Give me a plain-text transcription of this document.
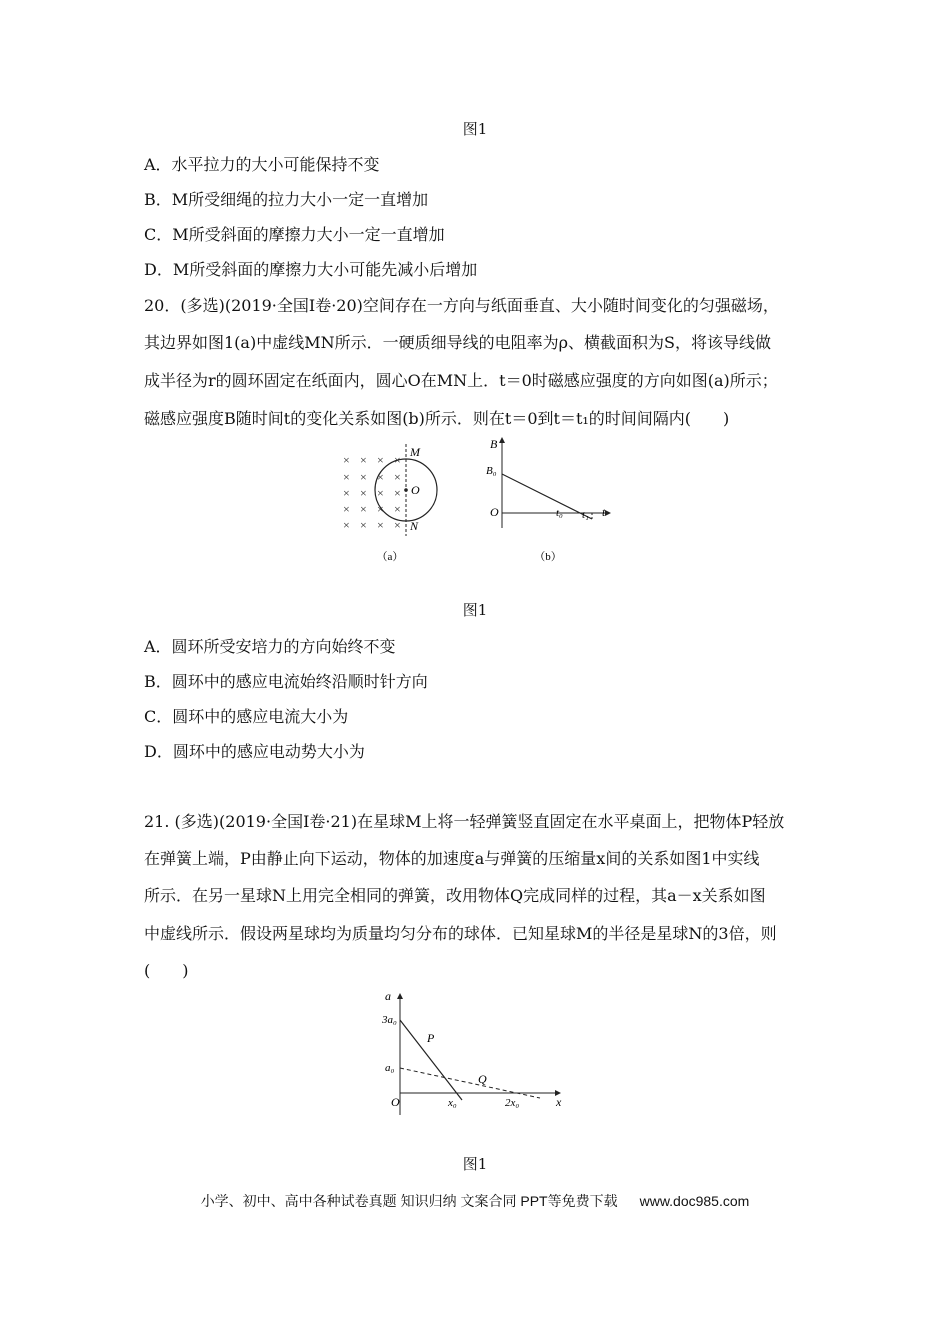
图1
A．水平拉力的大小可能保持不变
B．M所受细绳的拉力大小一定一直增加
C．M所受斜面的摩擦力大小一定一直增加
D．M所受斜面的摩擦力大小可能先减小后增加
20．(多选)(2019·全国Ⅰ卷·20)空间存在一方向与纸面垂直、大小随时间变化的匀强磁场，
其边界如图1(a)中虚线MN所示．一硬质细导线的电阻率为ρ、横截面积为S，将该导线做
成半径为r的圆环固定在纸面内，圆心O在MN上．t＝0时磁感应强度的方向如图(a)所示；
磁感应强度B随时间t的变化关系如图(b)所示．则在t＝0到t＝t₁的时间间隔内(　　)
× × × ×
× × × ×
× × × ×
× × × ×
× × × ×
M
O
N
（a）
B
B₀
O	t₀ t₁ t
（b）
图1
A．圆环所受安培力的方向始终不变
B．圆环中的感应电流始终沿顺时针方向
C．圆环中的感应电流大小为
D．圆环中的感应电动势大小为
21. (多选)(2019·全国Ⅰ卷·21)在星球M上将一轻弹簧竖直固定在水平桌面上，把物体P轻放
在弹簧上端，P由静止向下运动，物体的加速度a与弹簧的压缩量x间的关系如图1中实线
所示．在另一星球N上用完全相同的弹簧，改用物体Q完成同样的过程，其a－x关系如图
中虚线所示．假设两星球均为质量均匀分布的球体．已知星球M的半径是星球N的3倍，则
(　　)
a
3a₀
a₀
O	x₀	2x₀	x
P
Q
图1
小学、初中、高中各种试卷真题 知识归纳 文案合同 PPT等免费下载 www.doc985.com
